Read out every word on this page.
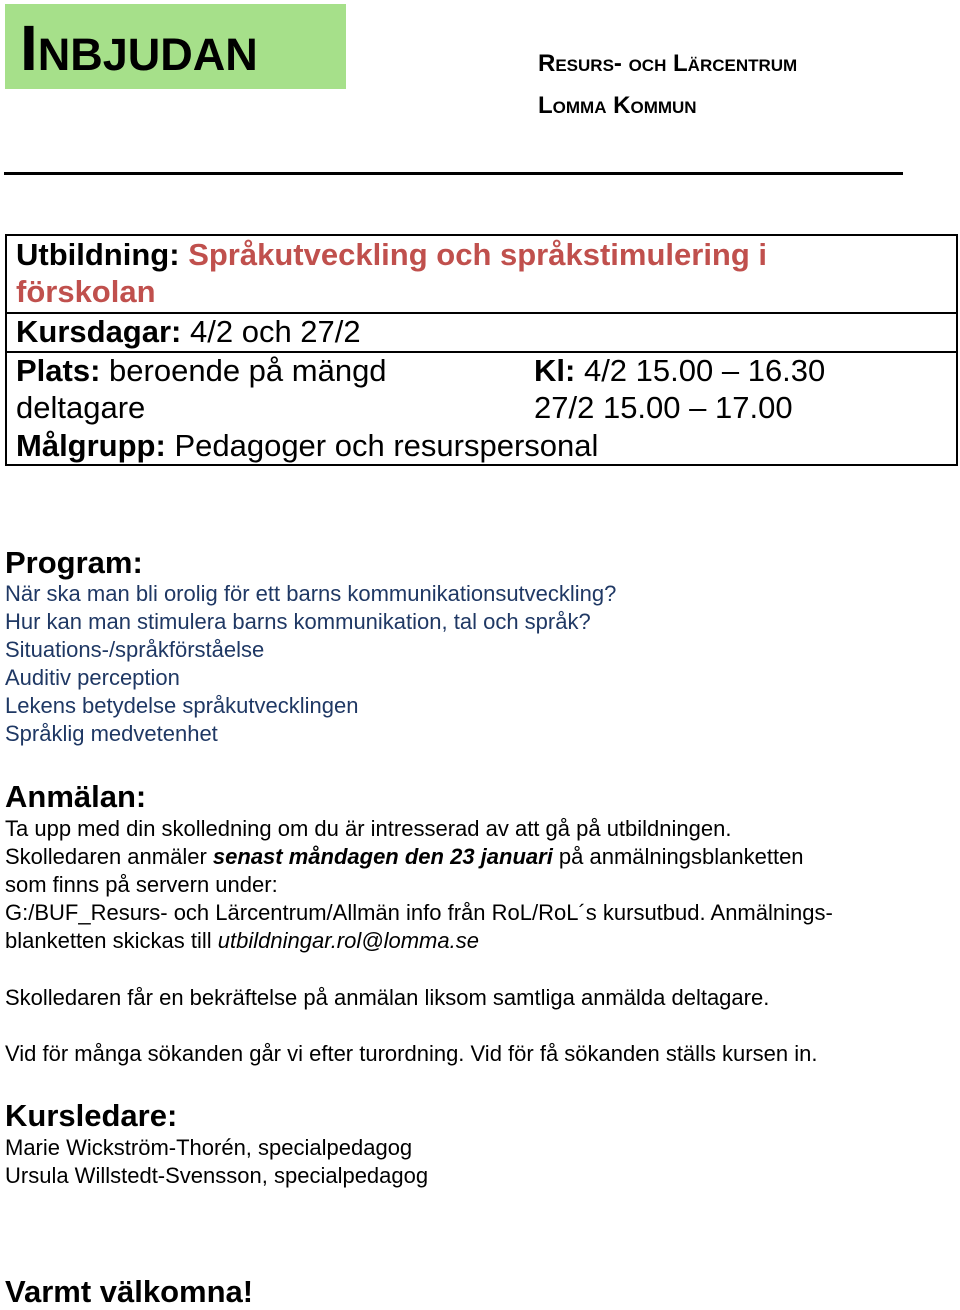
Inbjudan	Resurs- och Lärcentrum
Lomma Kommun
Utbildning: Språkutveckling och språkstimulering i
förskolan
Kursdagar: 4/2 och 27/2
Plats: beroende på mängd
deltagare
Kl: 4/2 15.00 – 16.30
27/2 15.00 – 17.00
Målgrupp: Pedagoger och resurspersonal
Program:
När ska man bli orolig för ett barns kommunikationsutveckling?
Hur kan man stimulera barns kommunikation, tal och språk?
Situations-/språkförståelse
Auditiv perception
Lekens betydelse språkutvecklingen
Språklig medvetenhet
Anmälan:
Ta upp med din skolledning om du är intresserad av att gå på utbildningen.
Skolledaren anmäler senast måndagen den 23 januari på anmälningsblanketten
som finns på servern under:
G:/BUF_Resurs- och Lärcentrum/Allmän info från RoL/RoL´s kursutbud. Anmälnings-
blanketten skickas till utbildningar.rol@lomma.se
Skolledaren får en bekräftelse på anmälan liksom samtliga anmälda deltagare.
Vid för många sökanden går vi efter turordning. Vid för få sökanden ställs kursen in.
Kursledare:
Marie Wickström-Thorén, specialpedagog
Ursula Willstedt-Svensson, specialpedagog
Varmt välkomna!
